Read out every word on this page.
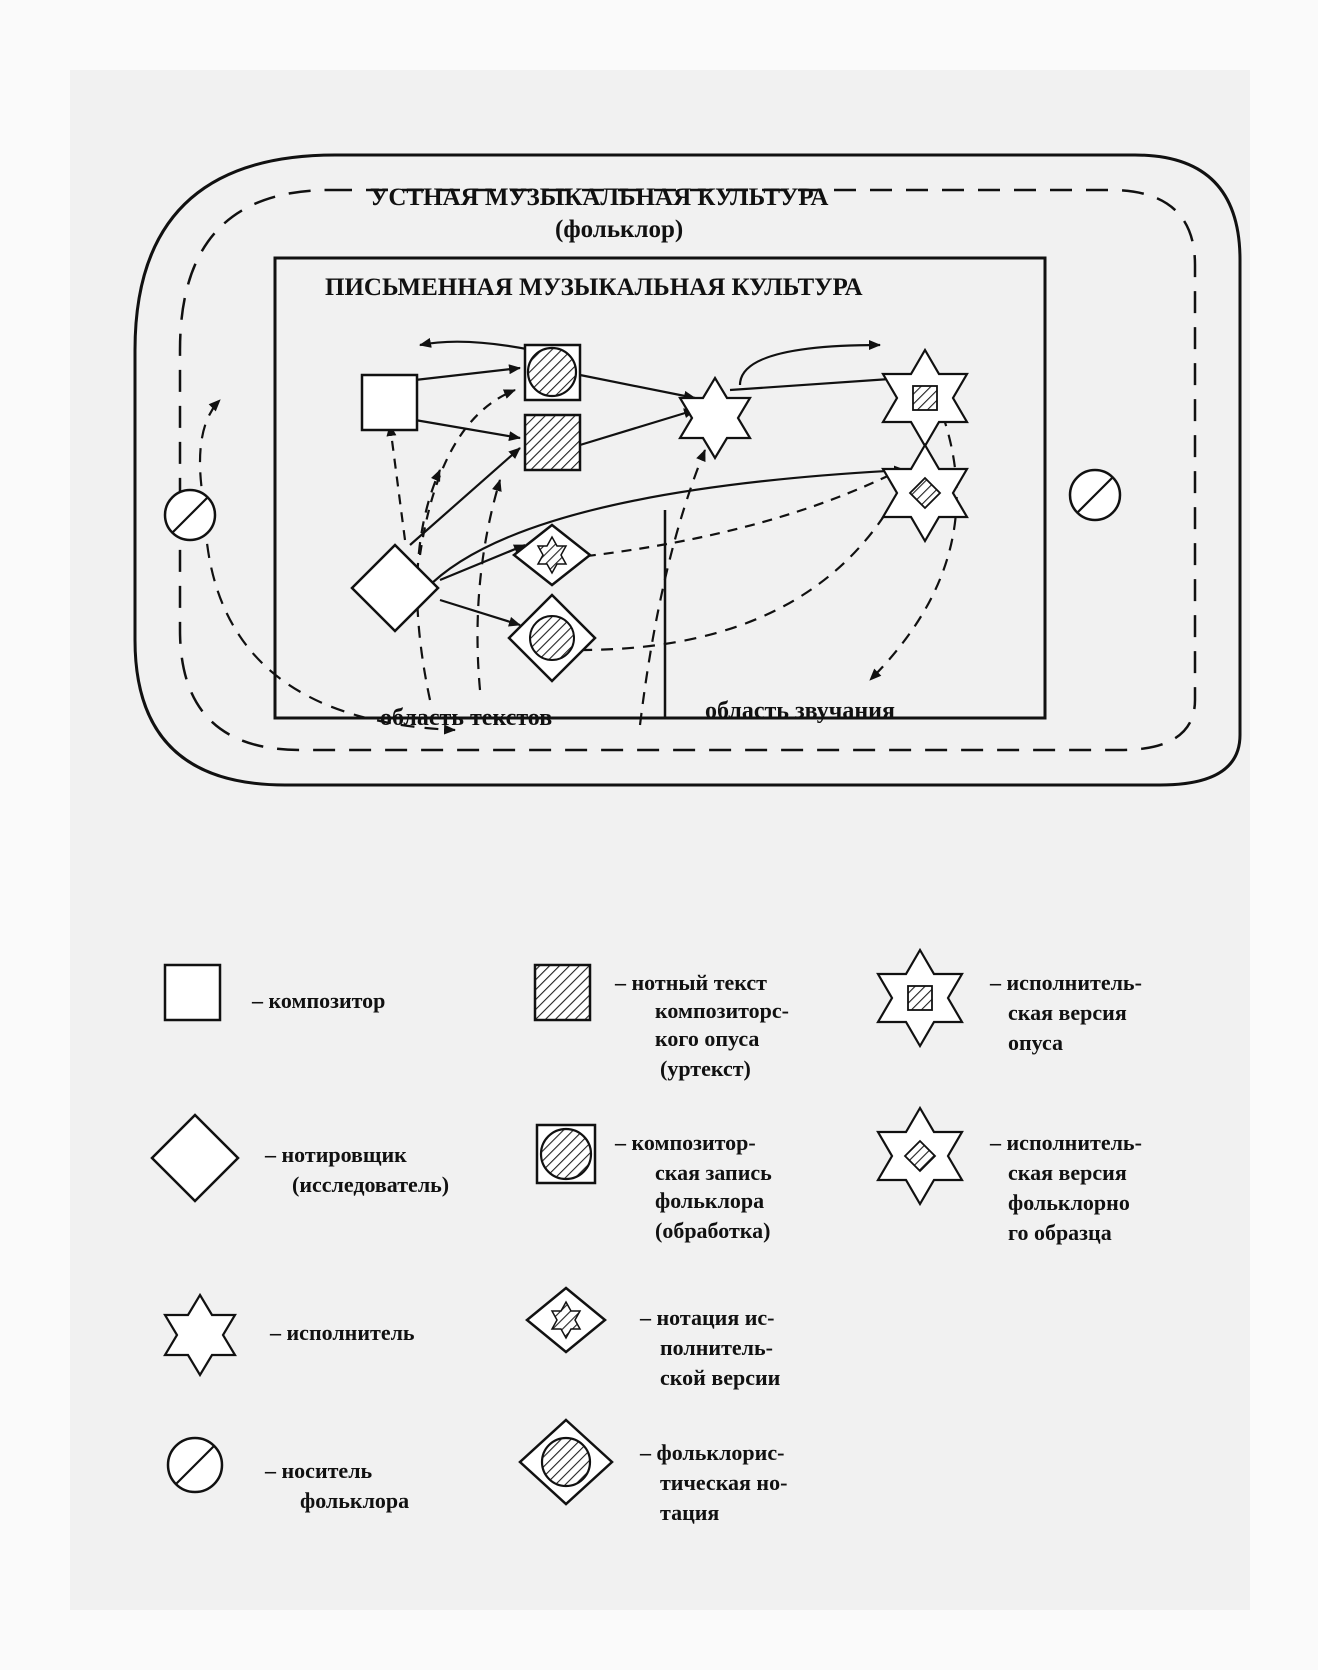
УСТНАЯ МУЗЫКАЛЬНАЯ КУЛЬТУРА
(фольклор)
ПИСЬМЕННАЯ МУЗЫКАЛЬНАЯ КУЛЬТУРА
область текстов	область звучания
– композитор
– нотный текст
композиторс-
кого опуса
(уртекст)
– исполнитель-
ская версия
опуса
– нотировщик
(исследователь)
– композитор-
ская запись
фольклора
(обработка)
– исполнитель-
ская версия
фольклорно
го образца
– исполнитель
– нотация ис-
полнитель-
ской версии
– носитель
фольклора
– фольклорис-
тическая но-
тация
